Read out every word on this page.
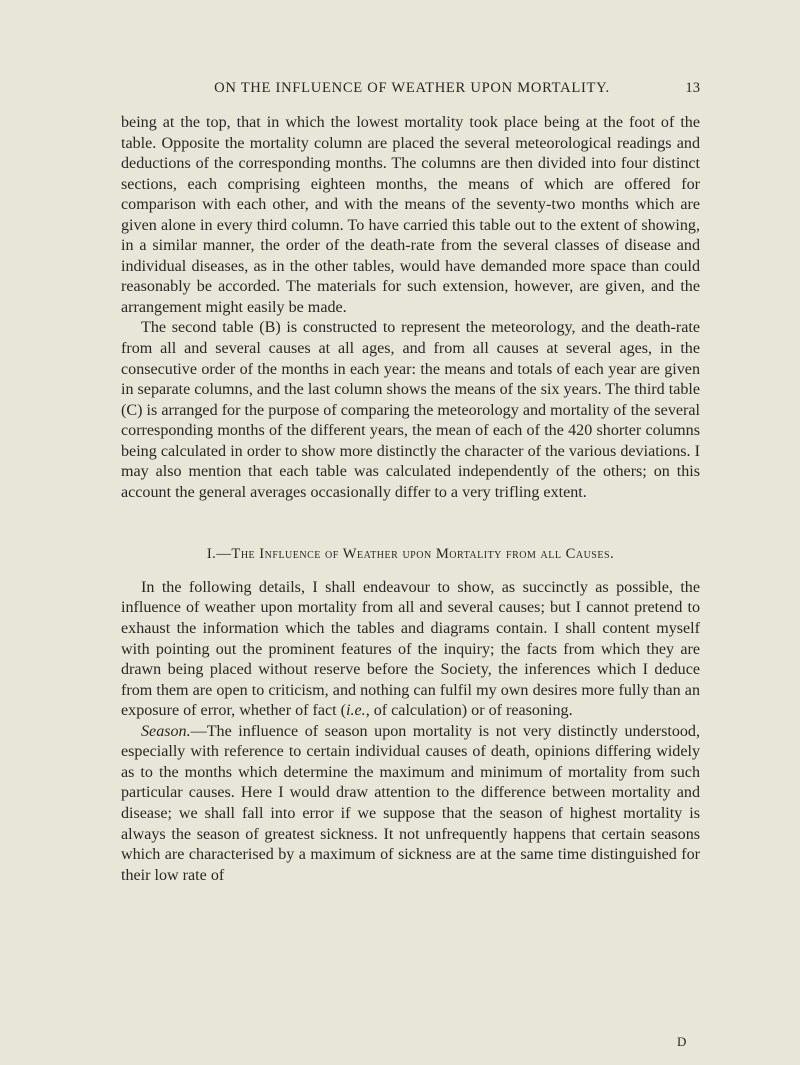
ON THE INFLUENCE OF WEATHER UPON MORTALITY.	13

being at the top, that in which the lowest mortality took place being at the foot of the table. Opposite the mortality column are placed the several meteorological readings and deductions of the corresponding months. The columns are then divided into four distinct sections, each comprising eighteen months, the means of which are offered for comparison with each other, and with the means of the seventy-two months which are given alone in every third column. To have carried this table out to the extent of showing, in a similar manner, the order of the death-rate from the several classes of disease and individual diseases, as in the other tables, would have demanded more space than could reasonably be accorded. The materials for such extension, however, are given, and the arrangement might easily be made.

The second table (B) is constructed to represent the meteorology, and the death-rate from all and several causes at all ages, and from all causes at several ages, in the consecutive order of the months in each year: the means and totals of each year are given in separate columns, and the last column shows the means of the six years. The third table (C) is arranged for the purpose of comparing the meteorology and mortality of the several corresponding months of the different years, the mean of each of the 420 shorter columns being calculated in order to show more distinctly the character of the various deviations. I may also mention that each table was calculated independently of the others; on this account the general averages occasionally differ to a very trifling extent.

I.—The Influence of Weather upon Mortality from all Causes.

In the following details, I shall endeavour to show, as succinctly as possible, the influence of weather upon mortality from all and several causes; but I cannot pretend to exhaust the information which the tables and diagrams contain. I shall content myself with pointing out the prominent features of the inquiry; the facts from which they are drawn being placed without reserve before the Society, the inferences which I deduce from them are open to criticism, and nothing can fulfil my own desires more fully than an exposure of error, whether of fact (i.e., of calculation) or of reasoning.

Season.—The influence of season upon mortality is not very distinctly understood, especially with reference to certain individual causes of death, opinions differing widely as to the months which determine the maximum and minimum of mortality from such particular causes. Here I would draw attention to the difference between mortality and disease; we shall fall into error if we suppose that the season of highest mortality is always the season of greatest sickness. It not unfrequently happens that certain seasons which are characterised by a maximum of sickness are at the same time distinguished for their low rate of

D
